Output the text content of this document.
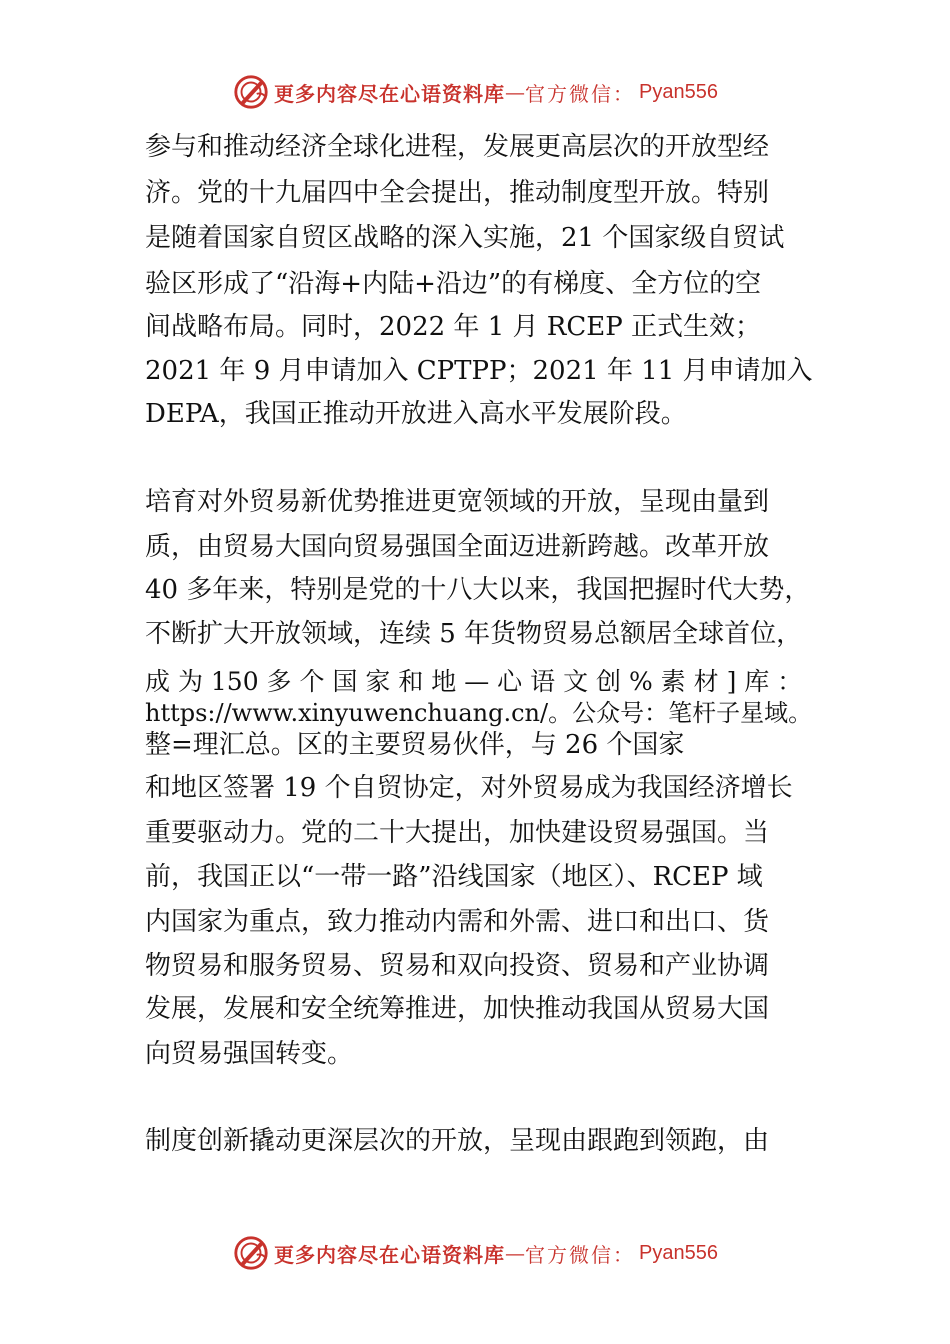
更多内容尽在心语资料库 — 官方微信： Pyan556

参与和推动经济全球化进程，发展更高层次的开放型经

济。党的十九届四中全会提出，推动制度型开放。特别

是随着国家自贸区战略的深入实施，21 个国家级自贸试

验区形成了“沿海+内陆+沿边”的有梯度、全方位的空

间战略布局。同时，2022 年 1 月 RCEP 正式生效；

2021 年 9 月申请加入 CPTPP；2021 年 11 月申请加入

DEPA，我国正推动开放进入高水平发展阶段。

培育对外贸易新优势推进更宽领域的开放，呈现由量到

质，由贸易大国向贸易强国全面迈进新跨越。改革开放

40 多年来，特别是党的十八大以来，我国把握时代大势，

不断扩大开放领域，连续 5 年货物贸易总额居全球首位，

成 为 150 多 个 国 家 和 地 — 心 语 文 创 % 素 材 ] 库 ：

https://www.xinyuwenchuang.cn/。公众号：笔杆子星域。

整=理汇总。区的主要贸易伙伴，与 26 个国家

和地区签署 19 个自贸协定，对外贸易成为我国经济增长

重要驱动力。党的二十大提出，加快建设贸易强国。当

前，我国正以“一带一路”沿线国家（地区）、RCEP 域

内国家为重点，致力推动内需和外需、进口和出口、货

物贸易和服务贸易、贸易和双向投资、贸易和产业协调

发展，发展和安全统筹推进，加快推动我国从贸易大国

向贸易强国转变。

制度创新撬动更深层次的开放，呈现由跟跑到领跑，由

更多内容尽在心语资料库 — 官方微信： Pyan556
